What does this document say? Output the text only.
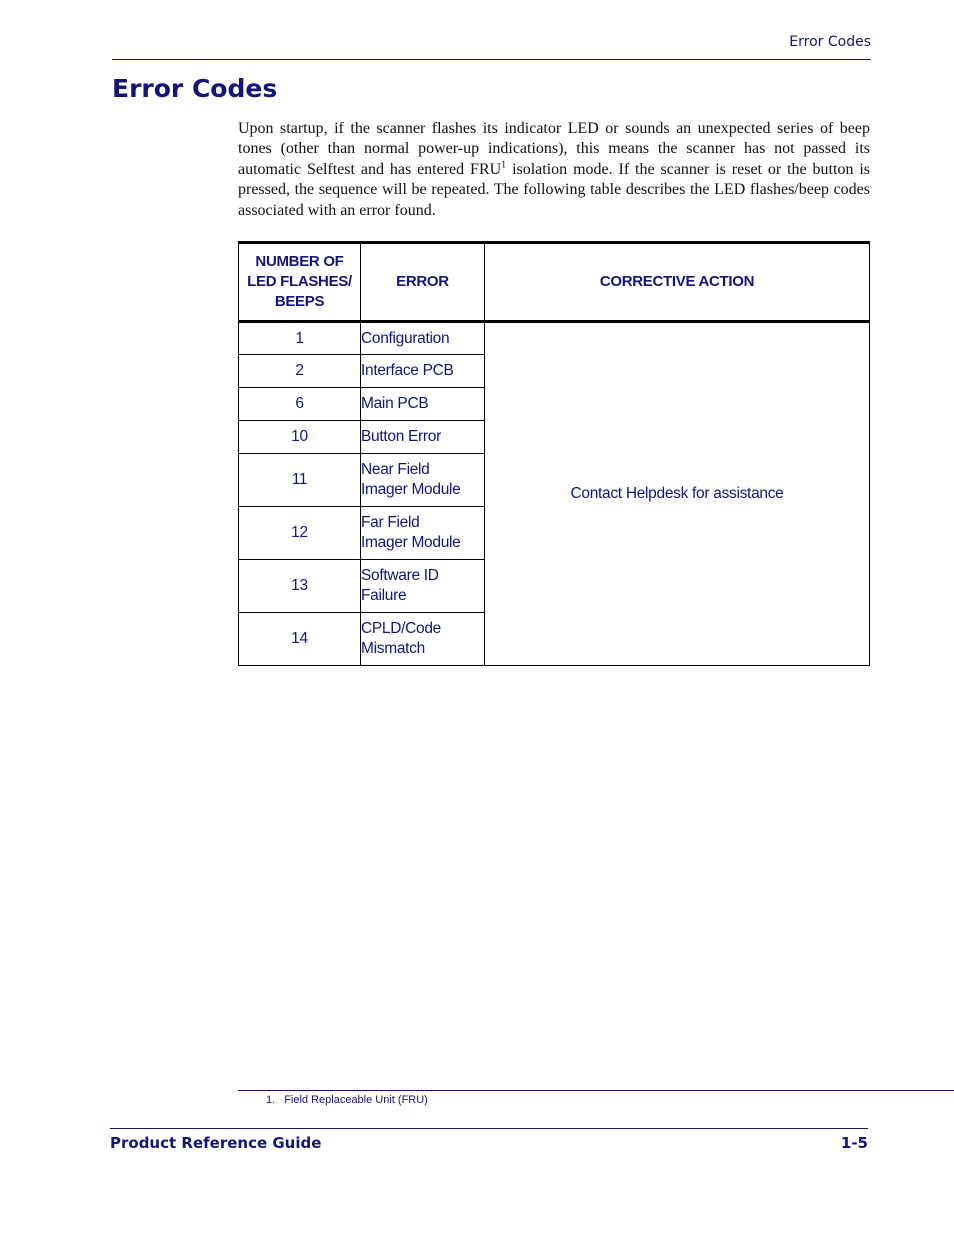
Error Codes
Error Codes

Upon startup, if the scanner flashes its indicator LED or sounds an unexpected series of beep tones (other than normal power-up indications), this means the scanner has not passed its automatic Selftest and has entered FRU$^1$ isolation mode. If the scanner is reset or the button is pressed, the sequence will be repeated. The following table describes the LED flashes/beep codes associated with an error found.

NUMBER OF
LED FLASHES/
BEEPS	ERROR	CORRECTIVE ACTION
1	Configuration	Contact Helpdesk for assistance
2	Interface PCB	
6	Main PCB	
10	Button Error	
11	Near Field
Imager Module	
12	Far Field
Imager Module	
13	Software ID
Failure	
14	CPLD/Code
Mismatch	
1. Field Replaceable Unit (FRU)
Product Reference Guide	1-5
